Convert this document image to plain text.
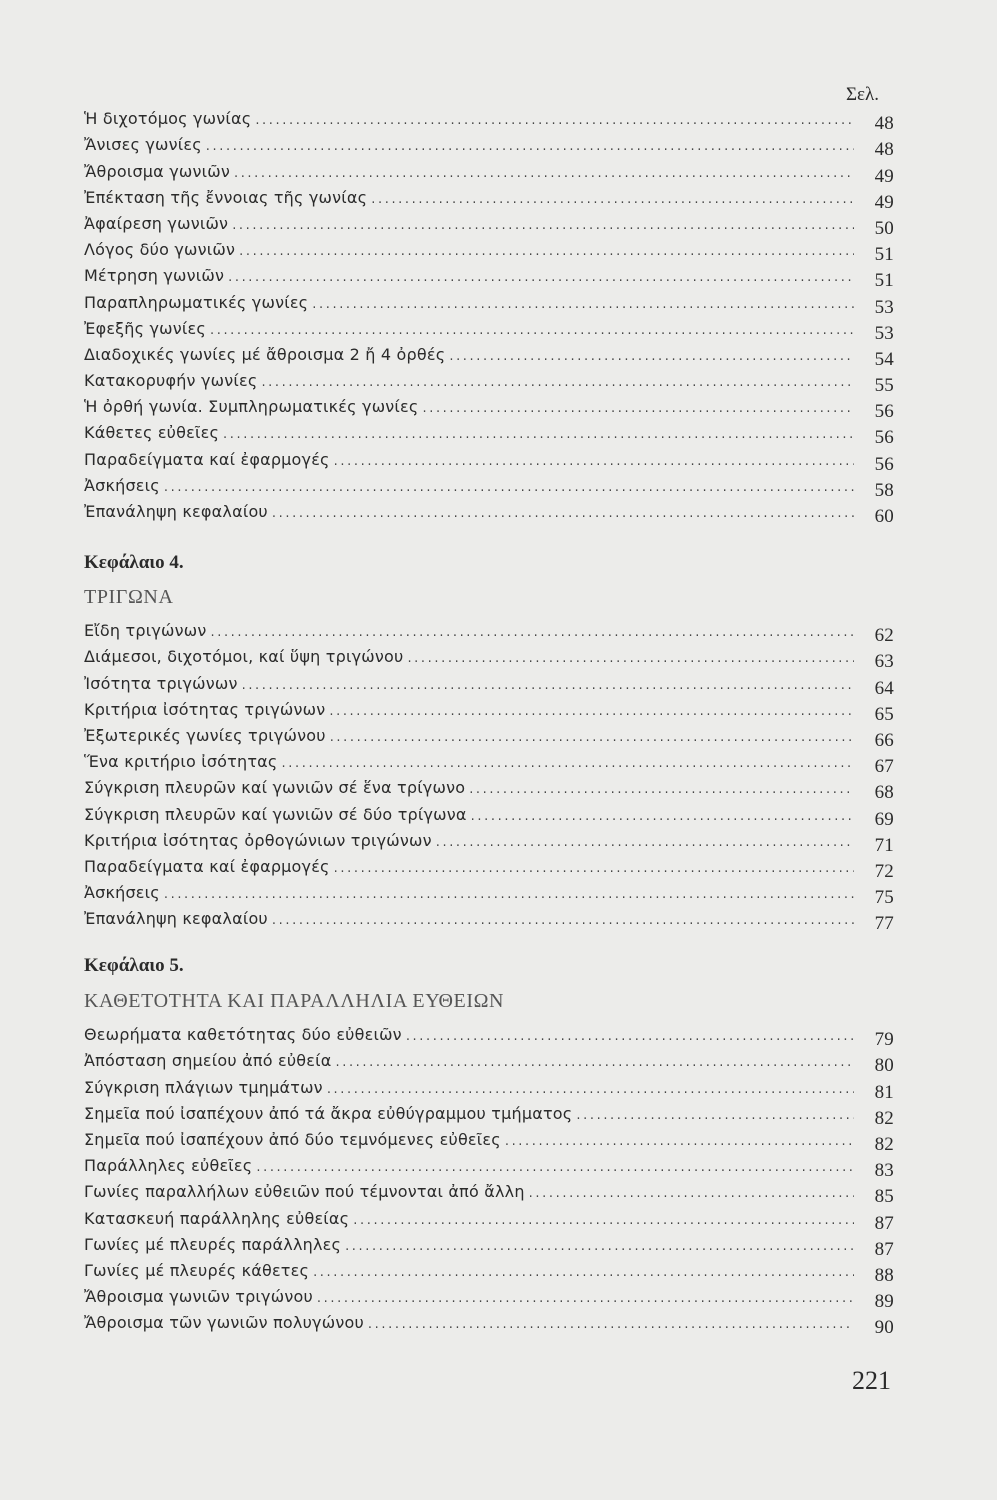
Σελ.
Ἡ διχοτόμος γωνίας .....	48
Ἄνισες γωνίες .....	48
Ἄθροισμα γωνιῶν .....	49
Ἐπέκταση τῆς ἔννοιας τῆς γωνίας .....	49
Ἀφαίρεση γωνιῶν .....	50
Λόγος δύο γωνιῶν .....	51
Μέτρηση γωνιῶν .....	51
Παραπληρωματικές γωνίες .....	53
Ἐφεξῆς γωνίες .....	53
Διαδοχικές γωνίες μέ ἄθροισμα 2 ἤ 4 ὀρθές .....	54
Κατακορυφήν γωνίες .....	55
Ἡ ὀρθή γωνία. Συμπληρωματικές γωνίες .....	56
Κάθετες εὐθεῖες .....	56
Παραδείγματα καί ἐφαρμογές .....	56
Ἀσκήσεις .....	58
Ἐπανάληψη κεφαλαίου .....	60
Κεφάλαιο 4.
ΤΡΙΓΩΝΑ
Εἴδη τριγώνων .....	62
Διάμεσοι, διχοτόμοι, καί ὕψη τριγώνου .....	63
Ἰσότητα τριγώνων .....	64
Κριτήρια ἰσότητας τριγώνων .....	65
Ἐξωτερικές γωνίες τριγώνου .....	66
Ἕνα κριτήριο ἰσότητας .....	67
Σύγκριση πλευρῶν καί γωνιῶν σέ ἕνα τρίγωνο .....	68
Σύγκριση πλευρῶν καί γωνιῶν σέ δύο τρίγωνα .....	69
Κριτήρια ἰσότητας ὀρθογώνιων τριγώνων .....	71
Παραδείγματα καί ἐφαρμογές .....	72
Ἀσκήσεις .....	75
Ἐπανάληψη κεφαλαίου .....	77
Κεφάλαιο 5.
ΚΑΘΕΤΟΤΗΤΑ ΚΑΙ ΠΑΡΑΛΛΗΛΙΑ ΕΥΘΕΙΩΝ
Θεωρήματα καθετότητας δύο εὐθειῶν .....	79
Ἀπόσταση σημείου ἀπό εὐθεία .....	80
Σύγκριση πλάγιων τμημάτων .....	81
Σημεῖα πού ἰσαπέχουν ἀπό τά ἄκρα εὐθύγραμμου τμήματος .....	82
Σημεῖα πού ἰσαπέχουν ἀπό δύο τεμνόμενες εὐθεῖες .....	82
Παράλληλες εὐθεῖες .....	83
Γωνίες παραλλήλων εὐθειῶν πού τέμνονται ἀπό ἄλλη .....	85
Κατασκευή παράλληλης εὐθείας .....	87
Γωνίες μέ πλευρές παράλληλες .....	87
Γωνίες μέ πλευρές κάθετες .....	88
Ἄθροισμα γωνιῶν τριγώνου .....	89
Ἄθροισμα τῶν γωνιῶν πολυγώνου .....	90
221
